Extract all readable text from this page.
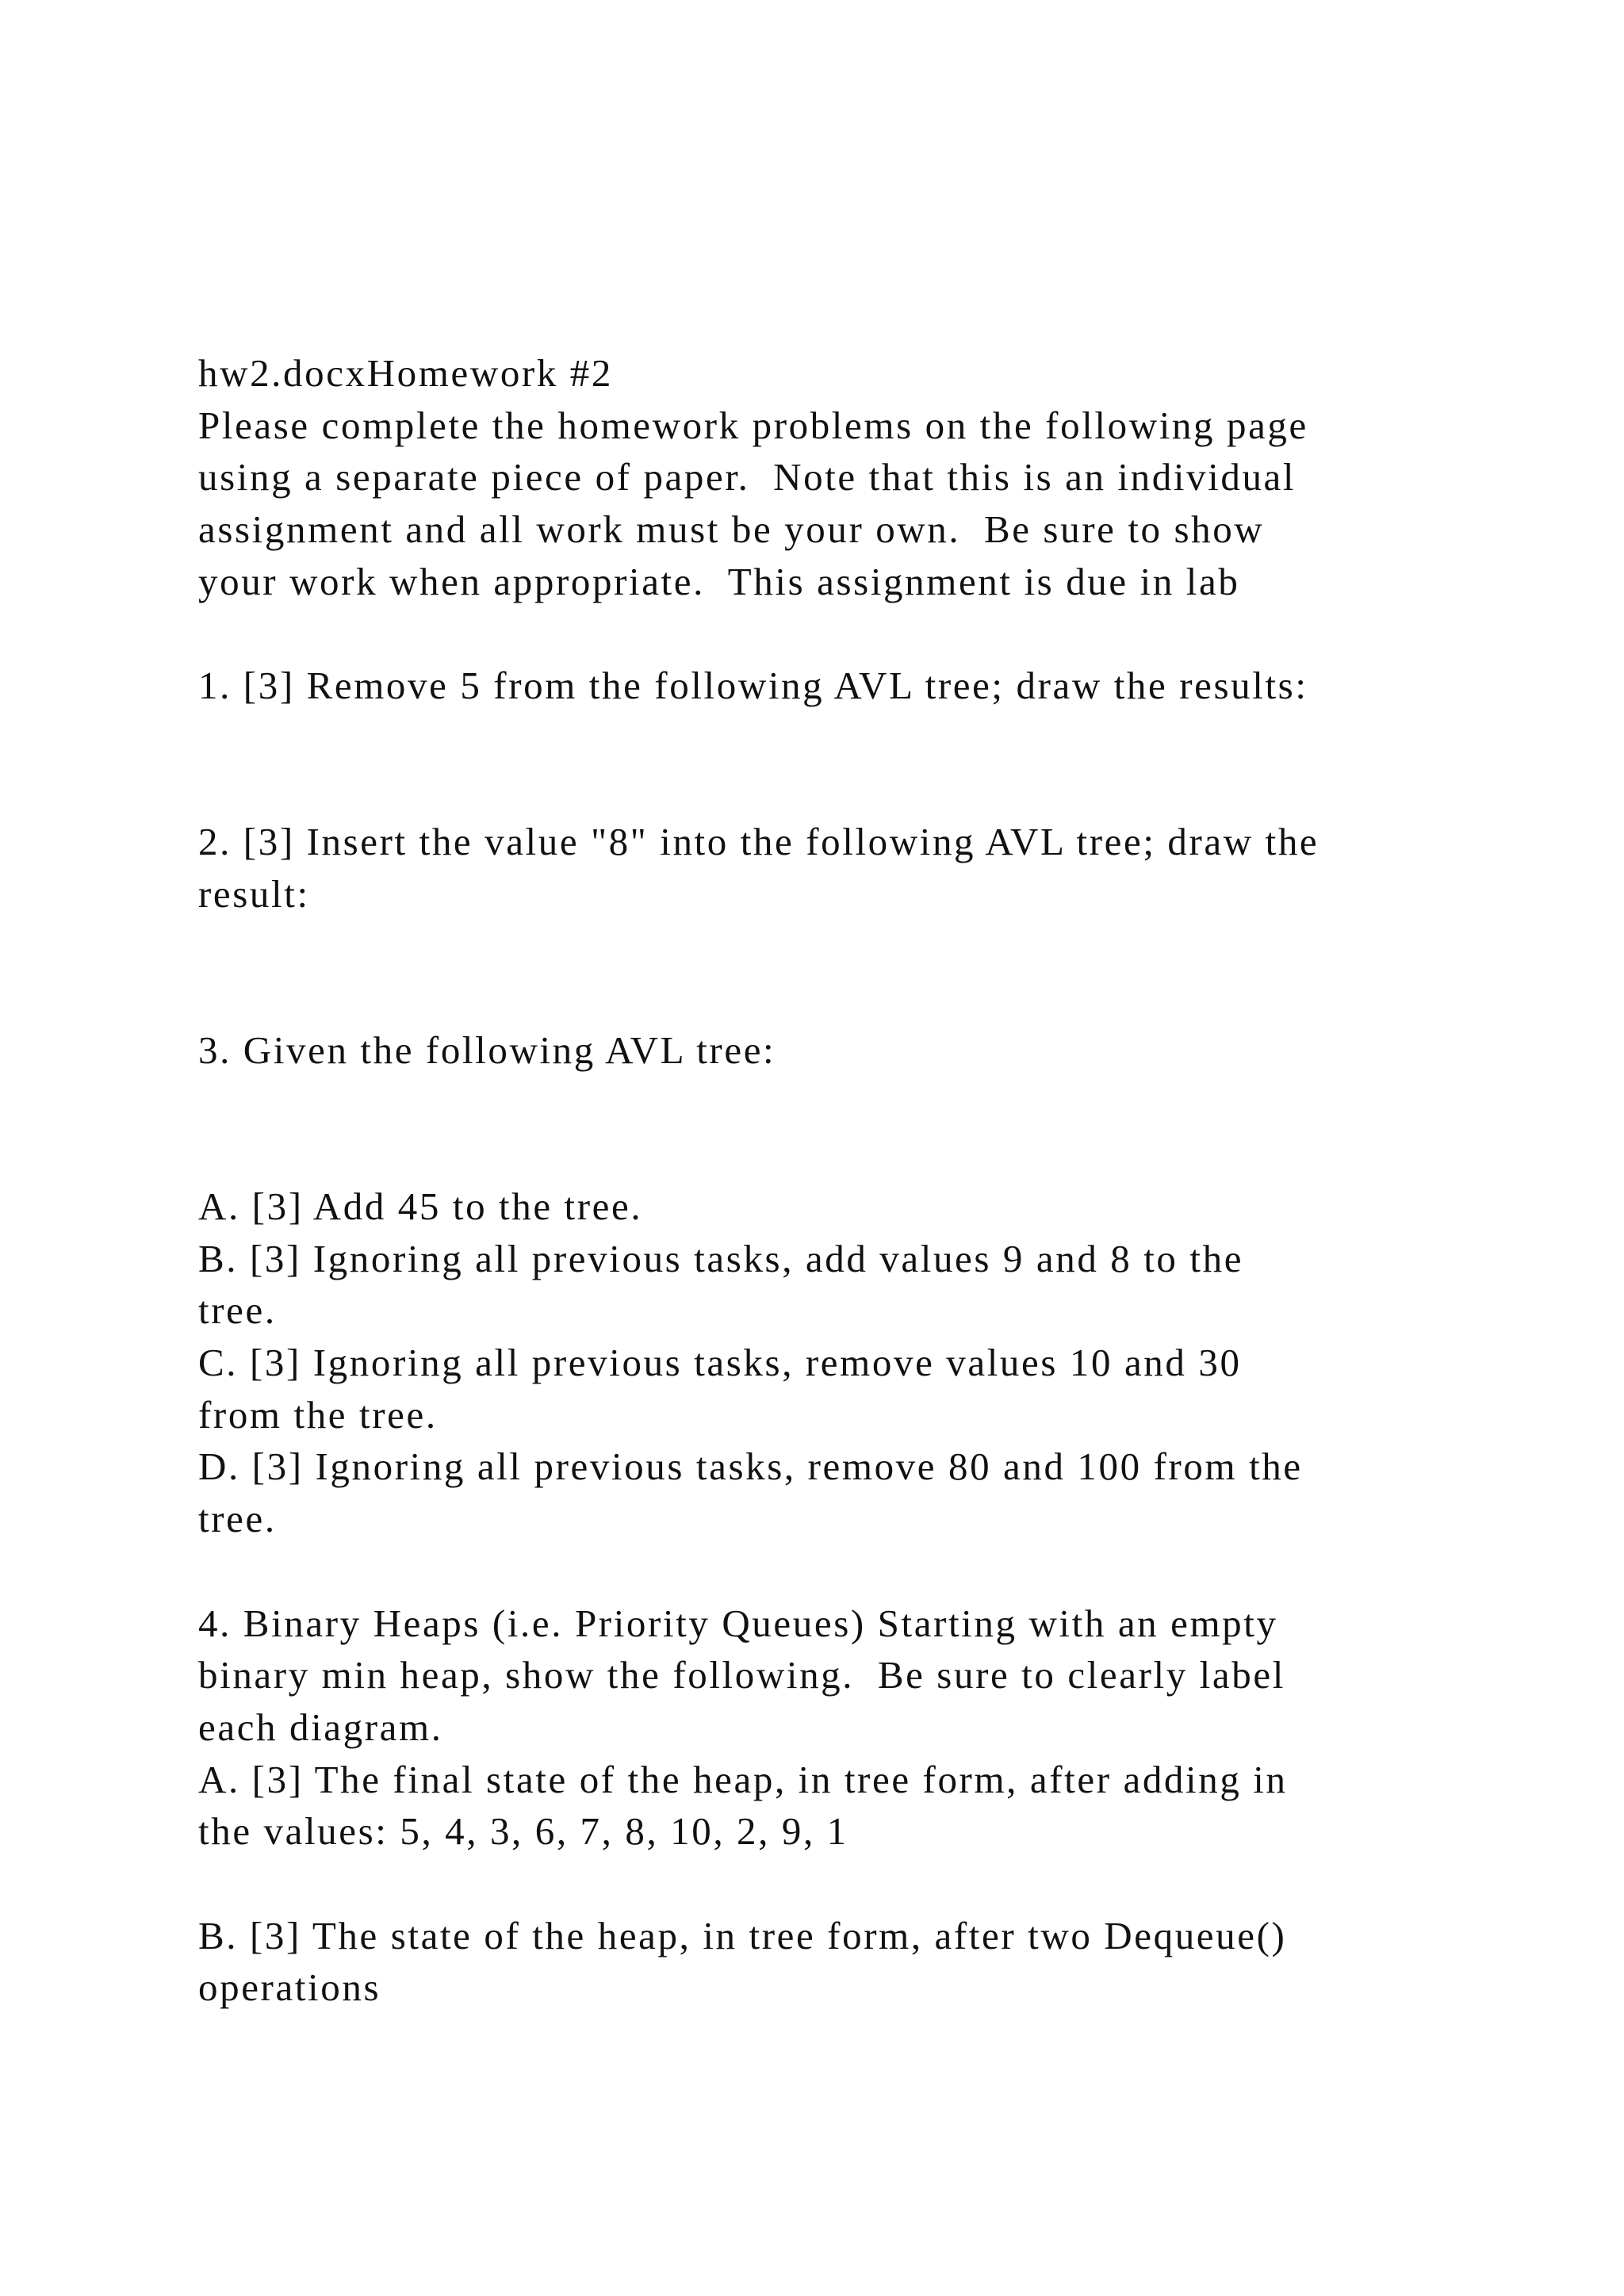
hw2.docxHomework #2
Please complete the homework problems on the following page
using a separate piece of paper.  Note that this is an individual
assignment and all work must be your own.  Be sure to show
your work when appropriate.  This assignment is due in lab
1. [3] Remove 5 from the following AVL tree; draw the results:
2. [3] Insert the value "8" into the following AVL tree; draw the
result:
3. Given the following AVL tree:
A. [3] Add 45 to the tree.
B. [3] Ignoring all previous tasks, add values 9 and 8 to the
tree.
C. [3] Ignoring all previous tasks, remove values 10 and 30
from the tree.
D. [3] Ignoring all previous tasks, remove 80 and 100 from the
tree.
4. Binary Heaps (i.e. Priority Queues) Starting with an empty
binary min heap, show the following.  Be sure to clearly label
each diagram.
A. [3] The final state of the heap, in tree form, after adding in
the values: 5, 4, 3, 6, 7, 8, 10, 2, 9, 1
B. [3] The state of the heap, in tree form, after two Dequeue()
operations
